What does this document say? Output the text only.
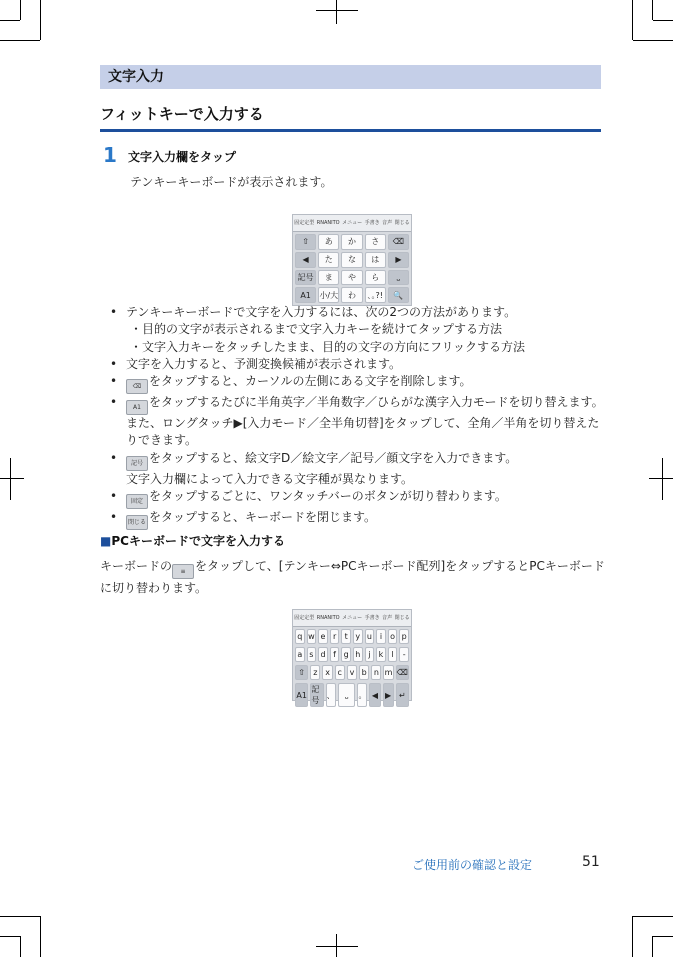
文字入力
フィットキーで入力する
1 文字入力欄をタップ
テンキーキーボードが表示されます。
固定定型 RNANITO メニュー 手書き 音声 閉じる
⇧	あ	か	さ	⌫
◀	た	な	は	▶
記号	ま	や	ら	⎵
A1	小/大	わ	､｡?!	🔍
• テンキーキーボードで文字を入力するには、次の2つの方法があります。
・目的の文字が表示されるまで文字入力キーを続けてタップする方法
・文字入力キーをタッチしたまま、目的の文字の方向にフリックする方法
• 文字を入力すると、予測変換候補が表示されます。
• ⌫ をタップすると、カーソルの左側にある文字を削除します。
• A1 をタップするたびに半角英字／半角数字／ひらがな漢字入力モードを切り替えます。また、ロングタッチ▶[入力モード／全半角切替]をタップして、全角／半角を切り替えたりできます。
• 記号 をタップすると、絵文字D／絵文字／記号／顔文字を入力できます。
文字入力欄によって入力できる文字種が異なります。
• 固定 をタップするごとに、ワンタッチバーのボタンが切り替わります。
• 閉じる をタップすると、キーボードを閉じます。
■PCキーボードで文字を入力する
キーボードの ≡ をタップして、[テンキー⇔PCキーボード配列]をタップするとPCキーボードに切り替わります。
固定定型 RNANITO メニュー 手書き 音声 閉じる
q w e r	t y u i	o p
a s d f g h j	k	l	-
⇧	z x c v b n m ⌫
A1
記号
、	⎵	。 ◀ ▶ ↵
ご使用前の確認と設定	51
